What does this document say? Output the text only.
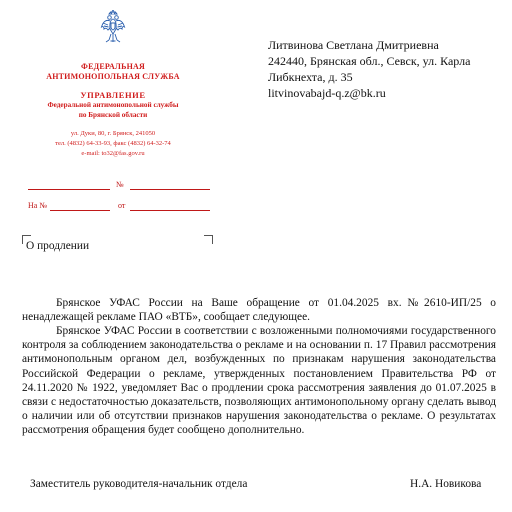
ФЕДЕРАЛЬНАЯ
АНТИМОНОПОЛЬНАЯ СЛУЖБА
УПРАВЛЕНИЕ
Федеральной антимонопольной службы
по Брянской области
ул. Дуки, 80, г. Брянск, 241050
тел. (4832) 64-33-93, факс (4832) 64-32-74
e-mail: to32@fas.gov.ru
№
На №	от
О продлении
Литвинова Светлана Дмитриевна
242440, Брянская обл., Севск, ул. Карла
Либкнехта, д. 35
litvinovabajd-q.z@bk.ru
Брянское УФАС России на Ваше обращение от 01.04.2025 вх.№2610-ИП/25 о ненадлежащей рекламе ПАО «ВТБ», сообщает следующее.
Брянское УФАС России в соответствии с возложенными полномочиями государственного контроля за соблюдением законодательства о рекламе и на основании п. 17 Правил рассмотрения антимонопольным органом дел, возбужденных по признакам нарушения законодательства Российской Федерации о рекламе, утвержденных постановлением Правительства РФ от 24.11.2020 № 1922, уведомляет Вас о продлении срока рассмотрения заявления до 01.07.2025 в связи с недостаточностью доказательств, позволяющих антимонопольному органу сделать вывод о наличии или об отсутствии признаков нарушения законодательства о рекламе. О результатах рассмотрения обращения будет сообщено дополнительно.
Заместитель руководителя-начальник отдела	Н.А. Новикова
